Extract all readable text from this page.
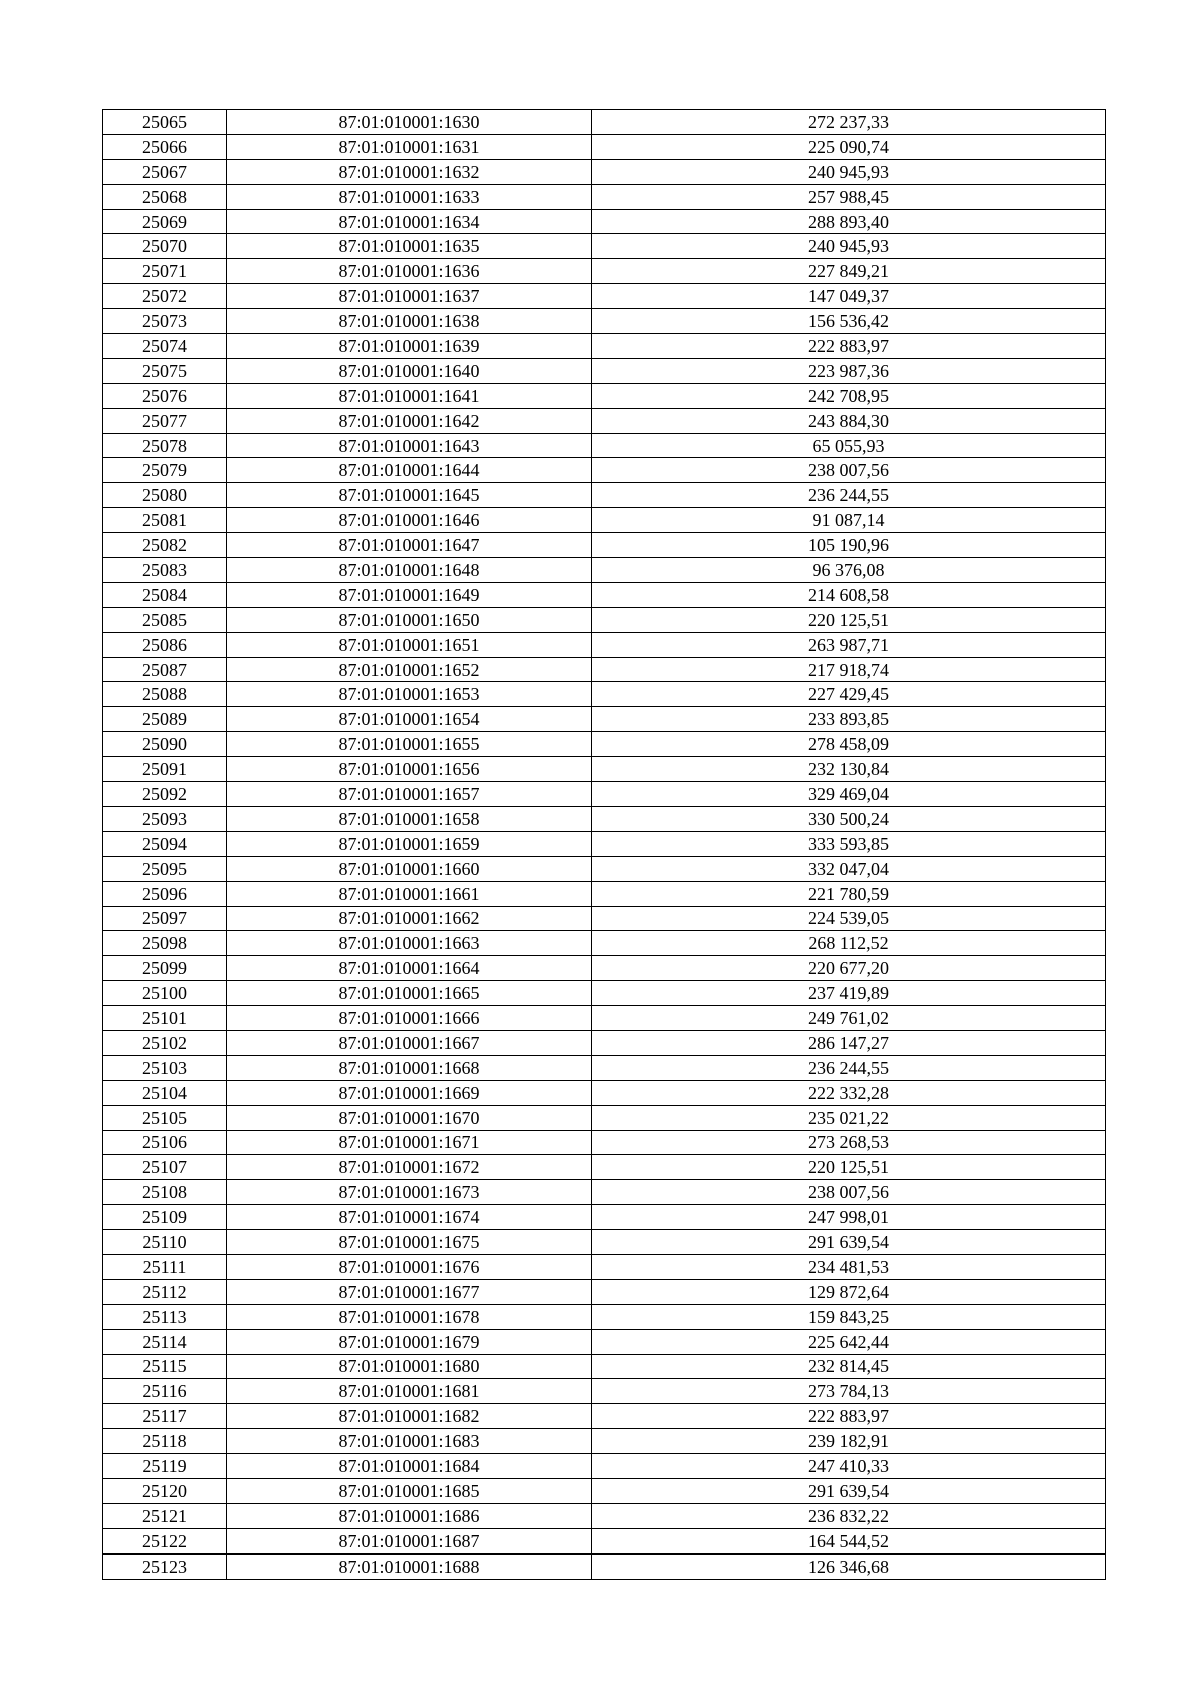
25065	87:01:010001:1630	272 237,33
25066	87:01:010001:1631	225 090,74
25067	87:01:010001:1632	240 945,93
25068	87:01:010001:1633	257 988,45
25069	87:01:010001:1634	288 893,40
25070	87:01:010001:1635	240 945,93
25071	87:01:010001:1636	227 849,21
25072	87:01:010001:1637	147 049,37
25073	87:01:010001:1638	156 536,42
25074	87:01:010001:1639	222 883,97
25075	87:01:010001:1640	223 987,36
25076	87:01:010001:1641	242 708,95
25077	87:01:010001:1642	243 884,30
25078	87:01:010001:1643	65 055,93
25079	87:01:010001:1644	238 007,56
25080	87:01:010001:1645	236 244,55
25081	87:01:010001:1646	91 087,14
25082	87:01:010001:1647	105 190,96
25083	87:01:010001:1648	96 376,08
25084	87:01:010001:1649	214 608,58
25085	87:01:010001:1650	220 125,51
25086	87:01:010001:1651	263 987,71
25087	87:01:010001:1652	217 918,74
25088	87:01:010001:1653	227 429,45
25089	87:01:010001:1654	233 893,85
25090	87:01:010001:1655	278 458,09
25091	87:01:010001:1656	232 130,84
25092	87:01:010001:1657	329 469,04
25093	87:01:010001:1658	330 500,24
25094	87:01:010001:1659	333 593,85
25095	87:01:010001:1660	332 047,04
25096	87:01:010001:1661	221 780,59
25097	87:01:010001:1662	224 539,05
25098	87:01:010001:1663	268 112,52
25099	87:01:010001:1664	220 677,20
25100	87:01:010001:1665	237 419,89
25101	87:01:010001:1666	249 761,02
25102	87:01:010001:1667	286 147,27
25103	87:01:010001:1668	236 244,55
25104	87:01:010001:1669	222 332,28
25105	87:01:010001:1670	235 021,22
25106	87:01:010001:1671	273 268,53
25107	87:01:010001:1672	220 125,51
25108	87:01:010001:1673	238 007,56
25109	87:01:010001:1674	247 998,01
25110	87:01:010001:1675	291 639,54
25111	87:01:010001:1676	234 481,53
25112	87:01:010001:1677	129 872,64
25113	87:01:010001:1678	159 843,25
25114	87:01:010001:1679	225 642,44
25115	87:01:010001:1680	232 814,45
25116	87:01:010001:1681	273 784,13
25117	87:01:010001:1682	222 883,97
25118	87:01:010001:1683	239 182,91
25119	87:01:010001:1684	247 410,33
25120	87:01:010001:1685	291 639,54
25121	87:01:010001:1686	236 832,22
25122	87:01:010001:1687	164 544,52
25123	87:01:010001:1688	126 346,68
